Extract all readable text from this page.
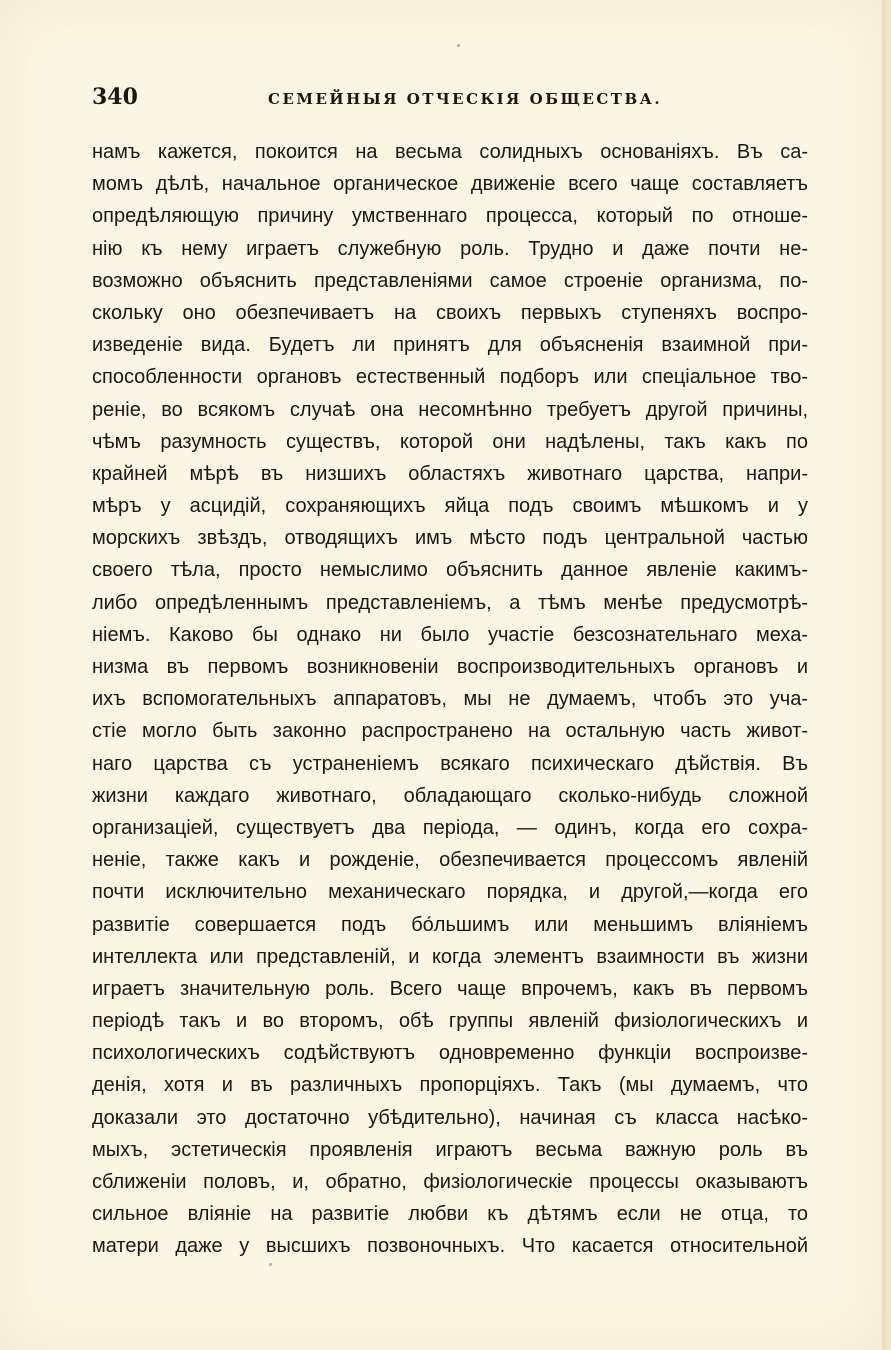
340	СЕМЕЙНЫЯ ОТЧЕСКІЯ ОБЩЕСТВА.
намъ кажется, покоится на весьма солидныхъ основаніяхъ. Въ са-
момъ дѣлѣ, начальное органическое движеніе всего чаще составляетъ
опредѣляющую причину умственнаго процесса, который по отноше-
нію къ нему играетъ служебную роль. Трудно и даже почти не-
возможно объяснить представленіями самое строеніе организма, по-
скольку оно обезпечиваетъ на своихъ первыхъ ступеняхъ воспро-
изведеніе вида. Будетъ ли принятъ для объясненія взаимной при-
способленности органовъ естественный подборъ или спеціальное тво-
реніе, во всякомъ случаѣ она несомнѣнно требуетъ другой причины,
чѣмъ разумность существъ, которой они надѣлены, такъ какъ по
крайней мѣрѣ въ низшихъ областяхъ животнаго царства, напри-
мѣръ у асцидій, сохраняющихъ яйца подъ своимъ мѣшкомъ и у
морскихъ звѣздъ, отводящихъ имъ мѣсто подъ центральной частью
своего тѣла, просто немыслимо объяснить данное явленіе какимъ-
либо опредѣленнымъ представленіемъ, а тѣмъ менѣе предусмотрѣ-
ніемъ. Каково бы однако ни было участіе безсознательнаго меха-
низма въ первомъ возникновеніи воспроизводительныхъ органовъ и
ихъ вспомогательныхъ аппаратовъ, мы не думаемъ, чтобъ это уча-
стіе могло быть законно распространено на остальную часть живот-
наго царства съ устраненіемъ всякаго психическаго дѣйствія. Въ
жизни каждаго животнаго, обладающаго сколько-нибудь сложной
организаціей, существуетъ два періода, — одинъ, когда его сохра-
неніе, также какъ и рожденіе, обезпечивается процессомъ явленій
почти исключительно механическаго порядка, и другой,—когда его
развитіе совершается подъ бо́льшимъ или меньшимъ вліяніемъ
интеллекта или представленій, и когда элементъ взаимности въ жизни
играетъ значительную роль. Всего чаще впрочемъ, какъ въ первомъ
періодѣ такъ и во второмъ, обѣ группы явленій физіологическихъ и
психологическихъ содѣйствуютъ одновременно функціи воспроизве-
денія, хотя и въ различныхъ пропорціяхъ. Такъ (мы думаемъ, что
доказали это достаточно убѣдительно), начиная съ класса насѣко-
мыхъ, эстетическія проявленія играютъ весьма важную роль въ
сближеніи половъ, и, обратно, физіологическіе процессы оказываютъ
сильное вліяніе на развитіе любви къ дѣтямъ если не отца, то
матери даже у высшихъ позвоночныхъ. Что касается относительной
